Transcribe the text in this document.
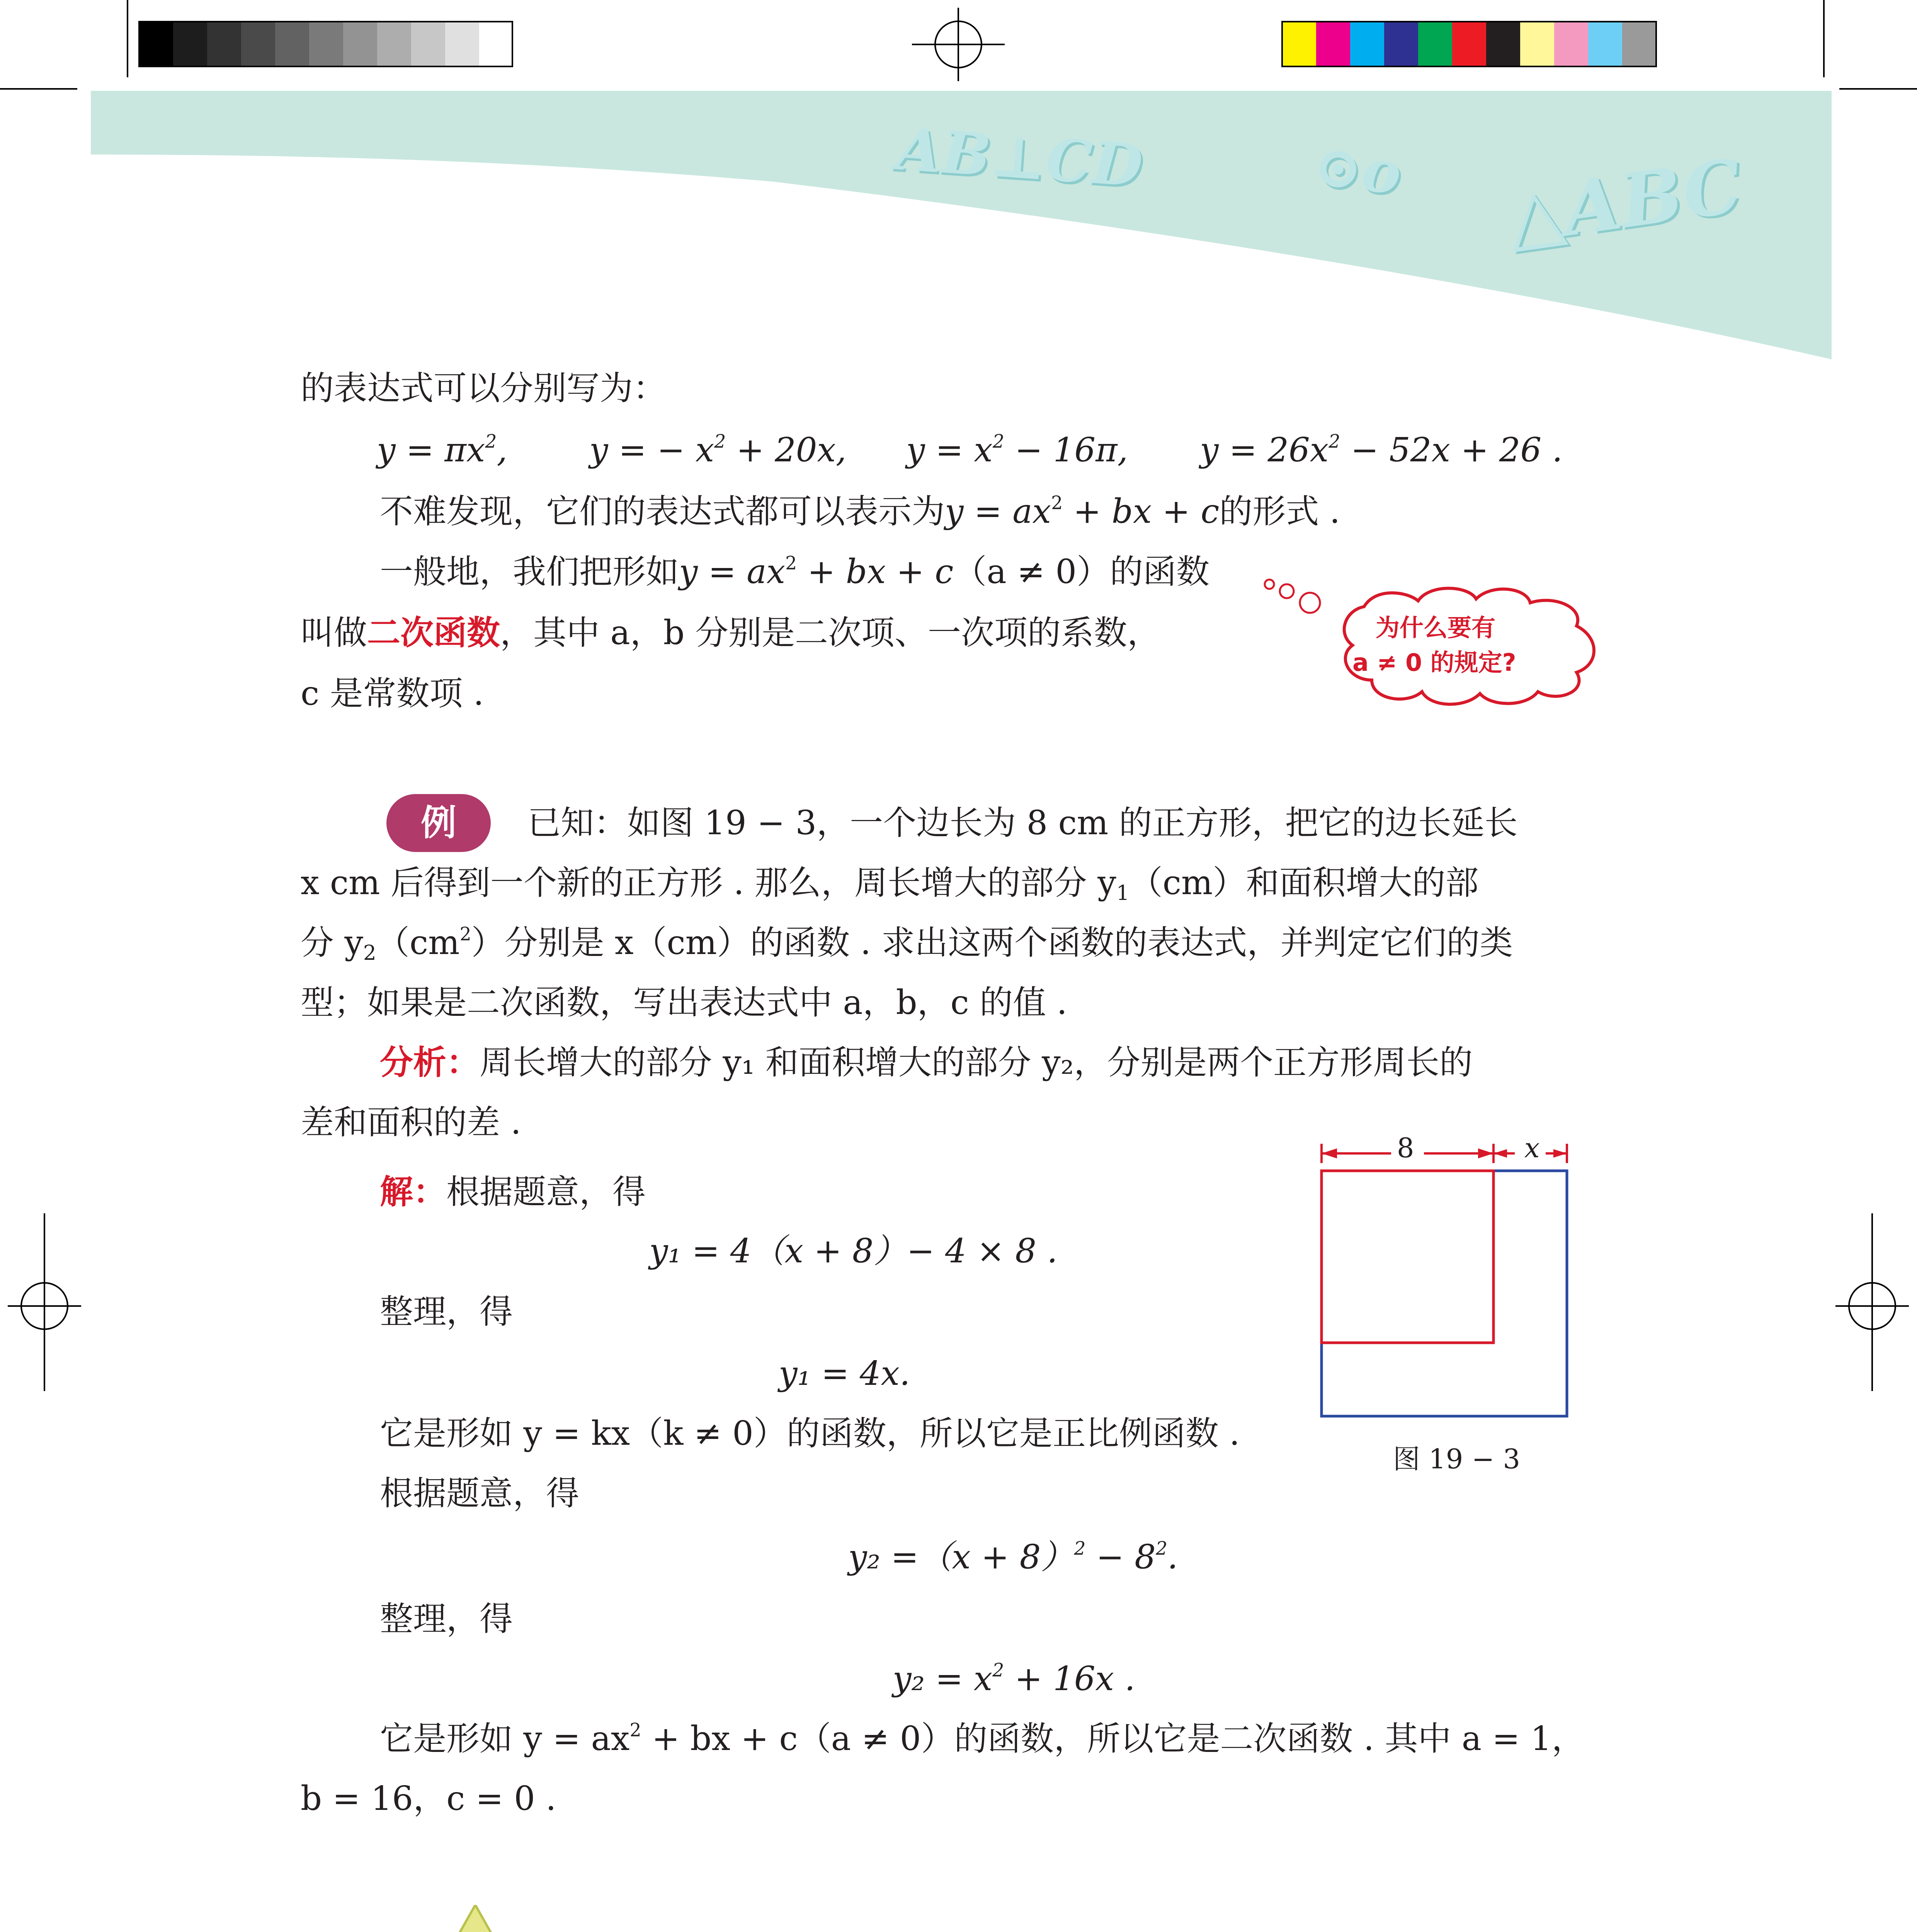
AB⊥CD	⊙o △ABC
的表达式可以分别写为：
$y = \pi x^2$, y = − $x^2 + 20x$, $y = x^2 - 16\pi$, $y = 26x^2 - 52x + 26$ .
不难发现，它们的表达式都可以表示为$y = ax^2$ + bx + c的形式 .
一般地，我们把形如$y = ax^2$ + bx + c（a ≠ 0）的函数
叫做二次函数，其中 a，b 分别是二次项、一次项的系数，
c 是常数项 .
为什么要有
a ≠ 0 的规定?
例	已知：如图 19 − 3，一个边长为 8 cm 的正方形，把它的边长延长
x cm 后得到一个新的正方形 . 那么，周长增大的部分 $y_1(cm)$和面积增大的部
分 $y_2(cm^2)$分别是 x（cm）的函数 . 求出这两个函数的表达式，并判定它们的类
型；如果是二次函数，写出表达式中 a，b，c 的值 .
分析：周长增大的部分 y₁ 和面积增大的部分 y₂，分别是两个正方形周长的
差和面积的差 .
解：根据题意，得
y₁ = 4（x + 8）− 4 × 8 .
整理，得
y₁ = 4x.
它是形如 y = kx（k ≠ 0）的函数，所以它是正比例函数 .
根据题意，得
$y_2 =(x + 8)^2 - 8^2$.
整理，得
$y_2 = x^2 + 16x$ .
它是形如 $y = ax^2$ + bx + c（a ≠ 0）的函数，所以它是二次函数 . 其中 a = 1，
b = 16，c = 0 .
8	x
图 19 − 3
